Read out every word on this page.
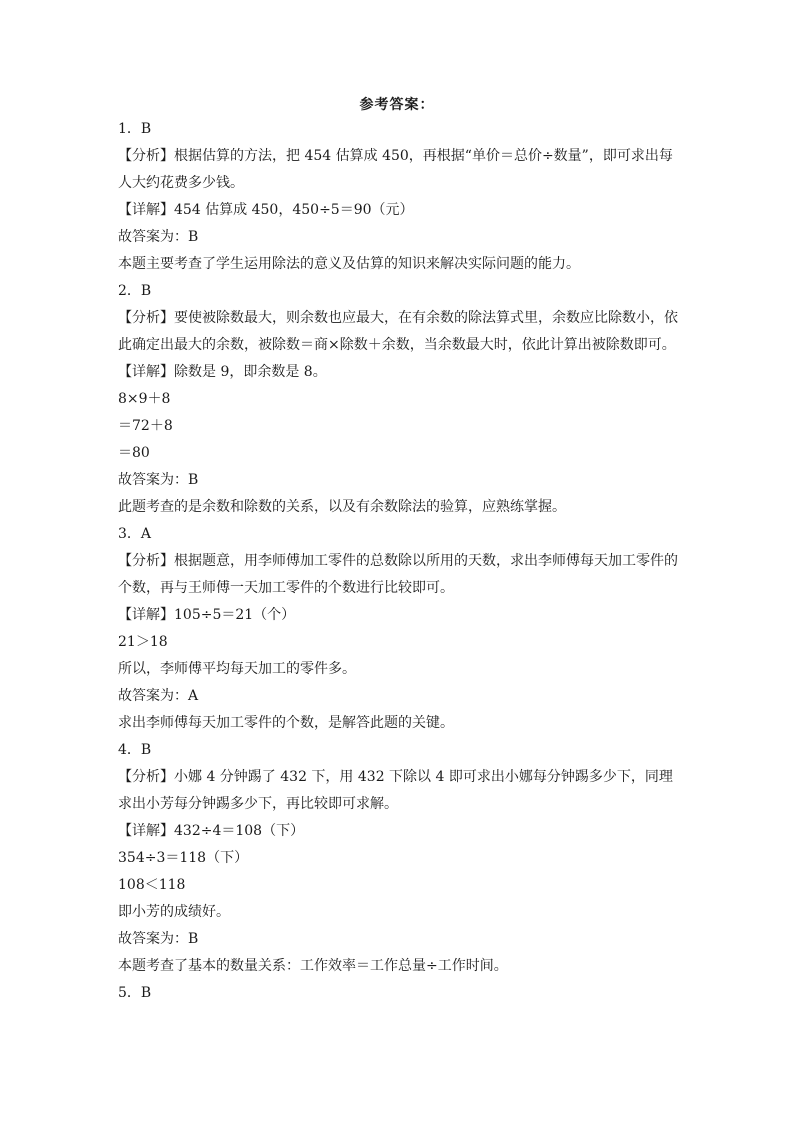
参考答案：
1．B
【分析】根据估算的方法，把 454 估算成 450，再根据“单价＝总价÷数量”，即可求出每人大约花费多少钱。
【详解】454 估算成 450，450÷5＝90（元）
故答案为：B
本题主要考查了学生运用除法的意义及估算的知识来解决实际问题的能力。
2．B
【分析】要使被除数最大，则余数也应最大，在有余数的除法算式里，余数应比除数小，依此确定出最大的余数，被除数＝商×除数＋余数，当余数最大时，依此计算出被除数即可。
【详解】除数是 9，即余数是 8。
8×9＋8
＝72＋8
＝80
故答案为：B
此题考查的是余数和除数的关系，以及有余数除法的验算，应熟练掌握。
3．A
【分析】根据题意，用李师傅加工零件的总数除以所用的天数，求出李师傅每天加工零件的个数，再与王师傅一天加工零件的个数进行比较即可。
【详解】105÷5＝21（个）
21＞18
所以，李师傅平均每天加工的零件多。
故答案为：A
求出李师傅每天加工零件的个数，是解答此题的关键。
4．B
【分析】小娜 4 分钟踢了 432 下，用 432 下除以 4 即可求出小娜每分钟踢多少下，同理求出小芳每分钟踢多少下，再比较即可求解。
【详解】432÷4＝108（下）
354÷3＝118（下）
108＜118
即小芳的成绩好。
故答案为：B
本题考查了基本的数量关系：工作效率＝工作总量÷工作时间。
5．B
